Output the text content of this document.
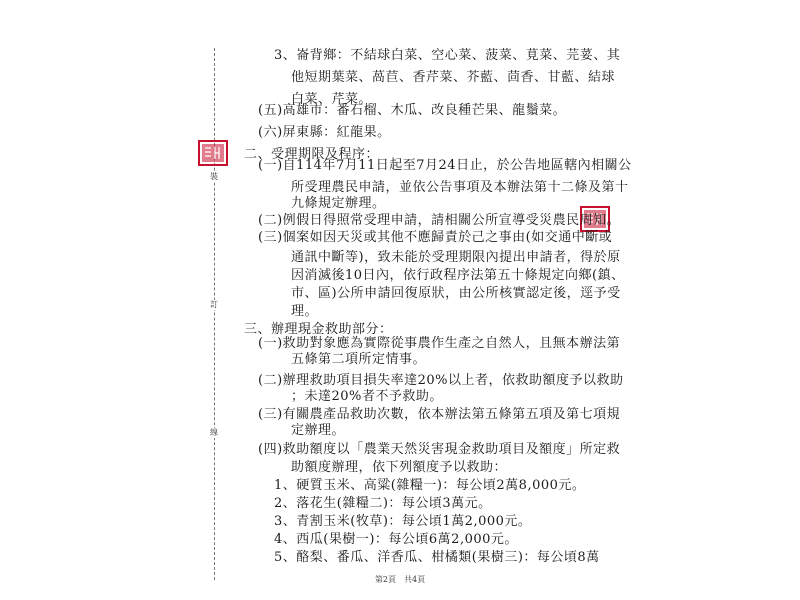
裝
訂
線
3、崙背鄉：不結球白菜、空心菜、菠菜、莧菜、芫荽、其
他短期葉菜、萵苣、香芹菜、芥藍、茴香、甘藍、結球
白菜、芹菜。
(五)高雄市：番石榴、木瓜、改良種芒果、龍鬚菜。
(六)屏東縣：紅龍果。
二、受理期限及程序：
(一)自114年7月11日起至7月24日止，於公告地區轄內相關公
所受理農民申請，並依公告事項及本辦法第十二條及第十
九條規定辦理。
(二)例假日得照常受理申請，請相關公所宣導受災農民周知。
(三)個案如因天災或其他不應歸責於己之事由(如交通中斷或
通訊中斷等)，致未能於受理期限內提出申請者，得於原
因消滅後10日內，依行政程序法第五十條規定向鄉(鎮、
市、區)公所申請回復原狀，由公所核實認定後，逕予受
理。
三、辦理現金救助部分：
(一)救助對象應為實際從事農作生產之自然人，且無本辦法第
五條第二項所定情事。
(二)辦理救助項目損失率達20%以上者，依救助額度予以救助
；未達20%者不予救助。
(三)有關農產品救助次數，依本辦法第五條第五項及第七項規
定辦理。
(四)救助額度以「農業天然災害現金救助項目及額度」所定救
助額度辦理，依下列額度予以救助：
1、硬質玉米、高粱(雜糧一)：每公頃2萬8,000元。
2、落花生(雜糧二)：每公頃3萬元。
3、青割玉米(牧草)：每公頃1萬2,000元。
4、西瓜(果樹一)：每公頃6萬2,000元。
5、酪梨、番瓜、洋香瓜、柑橘類(果樹三)：每公頃8萬
第2頁　共4頁
